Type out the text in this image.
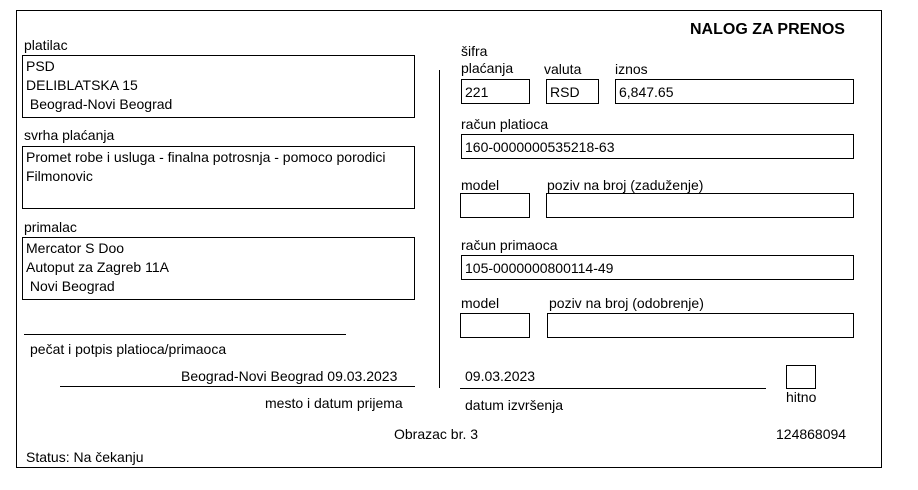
NALOG ZA PRENOS
platilac
PSD
DELIBLATSKA 15
Beograd-Novi Beograd
svrha plaćanja
Promet robe i usluga - finalna potrosnja - pomoco porodici
Filmonovic
primalac
Mercator S Doo
Autoput za Zagreb 11A
Novi Beograd
pečat i potpis platioca/primaoca
Beograd-Novi Beograd 09.03.2023
mesto i datum prijema
šifra
plaćanja valuta iznos
221	RSD	6,847.65
račun platioca
160-0000000535218-63
model	poziv na broj (zaduženje)
račun primaoca
105-0000000800114-49
model	poziv na broj (odobrenje)
09.03.2023
datum izvršenja	hitno
Obrazac br. 3	124868094
Status: Na čekanju
